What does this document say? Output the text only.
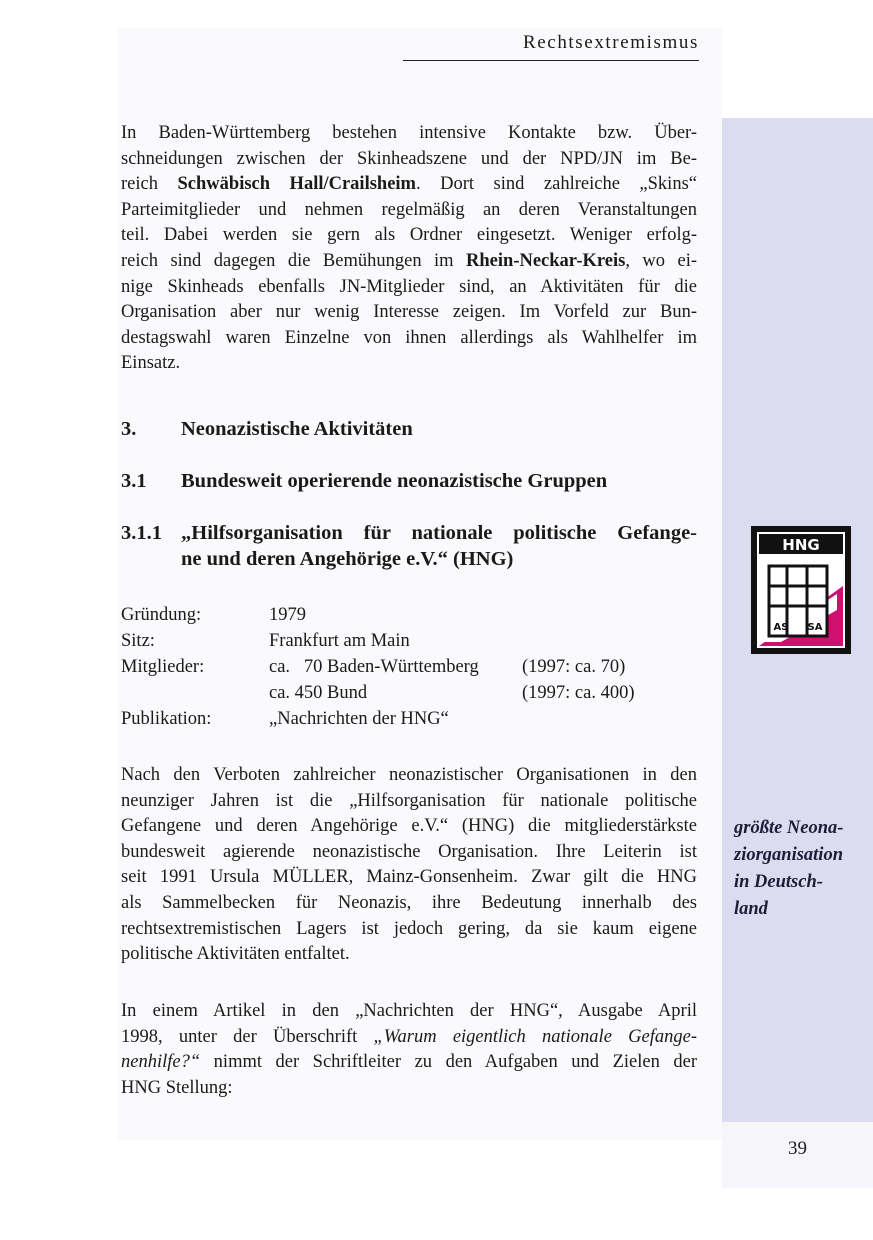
Rechtsextremismus
In Baden-Württemberg bestehen intensive Kontakte bzw. Über-
schneidungen zwischen der Skinheadszene und der NPD/JN im Be-
reich Schwäbisch Hall/Crailsheim. Dort sind zahlreiche „Skins“
Parteimitglieder und nehmen regelmäßig an deren Veranstaltungen
teil. Dabei werden sie gern als Ordner eingesetzt. Weniger erfolg-
reich sind dagegen die Bemühungen im Rhein-Neckar-Kreis, wo ei-
nige Skinheads ebenfalls JN-Mitglieder sind, an Aktivitäten für die
Organisation aber nur wenig Interesse zeigen. Im Vorfeld zur Bun-
destagswahl waren Einzelne von ihnen allerdings als Wahlhelfer im
Einsatz.
3. Neonazistische Aktivitäten
3.1 Bundesweit operierende neonazistische Gruppen
3.1.1 „Hilfsorganisation für nationale politische Gefange-
ne und deren Angehörige e.V.“ (HNG)
Gründung:	1979
Sitz:	Frankfurt am Main
Mitglieder:	ca.   70 Baden-Württemberg (1997: ca. 70)
ca. 450 Bund	(1997: ca. 400)
Publikation:	„Nachrichten der HNG“
Nach den Verboten zahlreicher neonazistischer Organisationen in den
neunziger Jahren ist die „Hilfsorganisation für nationale politische
Gefangene und deren Angehörige e.V.“ (HNG) die mitgliederstärkste
bundesweit agierende neonazistische Organisation. Ihre Leiterin ist
seit 1991 Ursula MÜLLER, Mainz-Gonsenheim. Zwar gilt die HNG
als Sammelbecken für Neonazis, ihre Bedeutung innerhalb des
rechtsextremistischen Lagers ist jedoch gering, da sie kaum eigene
politische Aktivitäten entfaltet.
In einem Artikel in den „Nachrichten der HNG“, Ausgabe April
1998, unter der Überschrift „Warum eigentlich nationale Gefange-
nenhilfe?“ nimmt der Schriftleiter zu den Aufgaben und Zielen der
HNG Stellung:
HNG
AS SA
größte Neona-
ziorganisation
in Deutsch-
land
39
